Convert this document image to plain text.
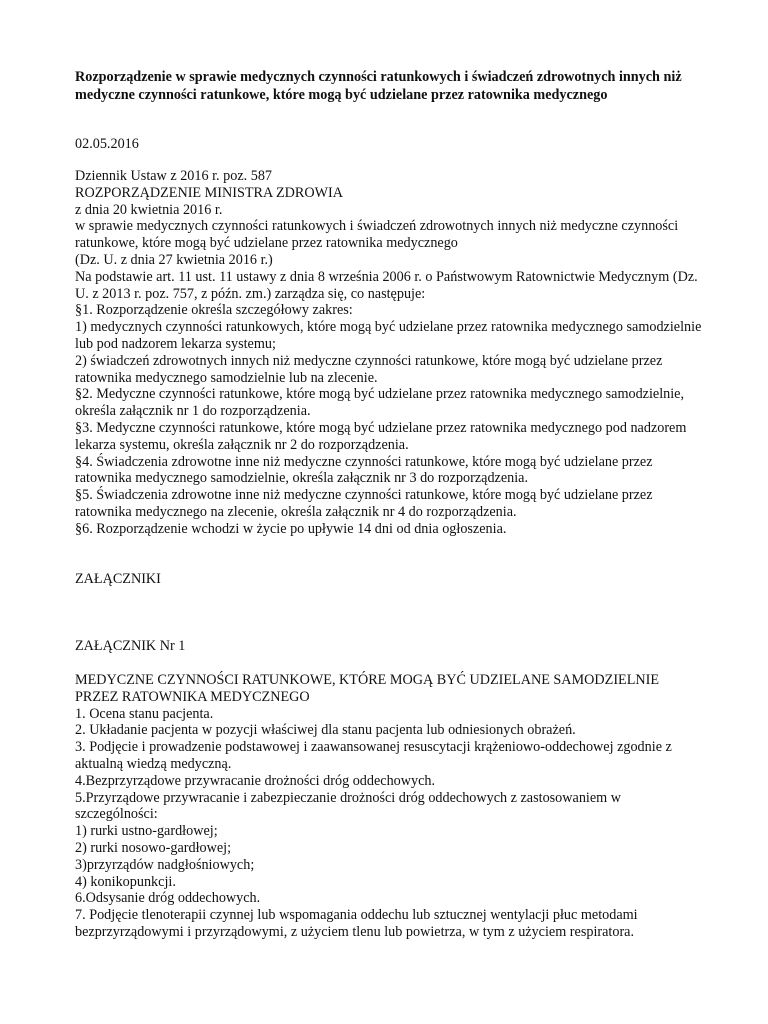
Rozporządzenie w sprawie medycznych czynności ratunkowych i świadczeń zdrowotnych innych niż medyczne czynności ratunkowe, które mogą być udzielane przez ratownika medycznego

02.05.2016

Dziennik Ustaw z 2016 r. poz. 587
ROZPORZĄDZENIE MINISTRA ZDROWIA
z dnia 20 kwietnia 2016 r.
w sprawie medycznych czynności ratunkowych i świadczeń zdrowotnych innych niż medyczne czynności ratunkowe, które mogą być udzielane przez ratownika medycznego
(Dz. U. z dnia 27 kwietnia 2016 r.)
Na podstawie art. 11 ust. 11 ustawy z dnia 8 września 2006 r. o Państwowym Ratownictwie Medycznym (Dz. U. z 2013 r. poz. 757, z późn. zm.) zarządza się, co następuje:
§1. Rozporządzenie określa szczegółowy zakres:
1) medycznych czynności ratunkowych, które mogą być udzielane przez ratownika medycznego samodzielnie lub pod nadzorem lekarza systemu;
2) świadczeń zdrowotnych innych niż medyczne czynności ratunkowe, które mogą być udzielane przez ratownika medycznego samodzielnie lub na zlecenie.
§2. Medyczne czynności ratunkowe, które mogą być udzielane przez ratownika medycznego samodzielnie, określa załącznik nr 1 do rozporządzenia.
§3. Medyczne czynności ratunkowe, które mogą być udzielane przez ratownika medycznego pod nadzorem lekarza systemu, określa załącznik nr 2 do rozporządzenia.
§4. Świadczenia zdrowotne inne niż medyczne czynności ratunkowe, które mogą być udzielane przez ratownika medycznego samodzielnie, określa załącznik nr 3 do rozporządzenia.
§5. Świadczenia zdrowotne inne niż medyczne czynności ratunkowe, które mogą być udzielane przez ratownika medycznego na zlecenie, określa załącznik nr 4 do rozporządzenia.
§6. Rozporządzenie wchodzi w życie po upływie 14 dni od dnia ogłoszenia.

ZAŁĄCZNIKI

ZAŁĄCZNIK Nr 1

MEDYCZNE CZYNNOŚCI RATUNKOWE, KTÓRE MOGĄ BYĆ UDZIELANE SAMODZIELNIE PRZEZ RATOWNIKA MEDYCZNEGO
1. Ocena stanu pacjenta.
2. Układanie pacjenta w pozycji właściwej dla stanu pacjenta lub odniesionych obrażeń.
3. Podjęcie i prowadzenie podstawowej i zaawansowanej resuscytacji krążeniowo-oddechowej zgodnie z aktualną wiedzą medyczną.
4.Bezprzyrządowe przywracanie drożności dróg oddechowych.
5.Przyrządowe przywracanie i zabezpieczanie drożności dróg oddechowych z zastosowaniem w szczególności:
1) rurki ustno-gardłowej;
2) rurki nosowo-gardłowej;
3)przyrządów nadgłośniowych;
4) konikopunkcji.
6.Odsysanie dróg oddechowych.
7. Podjęcie tlenoterapii czynnej lub wspomagania oddechu lub sztucznej wentylacji płuc metodami bezprzyrządowymi i przyrządowymi, z użyciem tlenu lub powietrza, w tym z użyciem respiratora.
